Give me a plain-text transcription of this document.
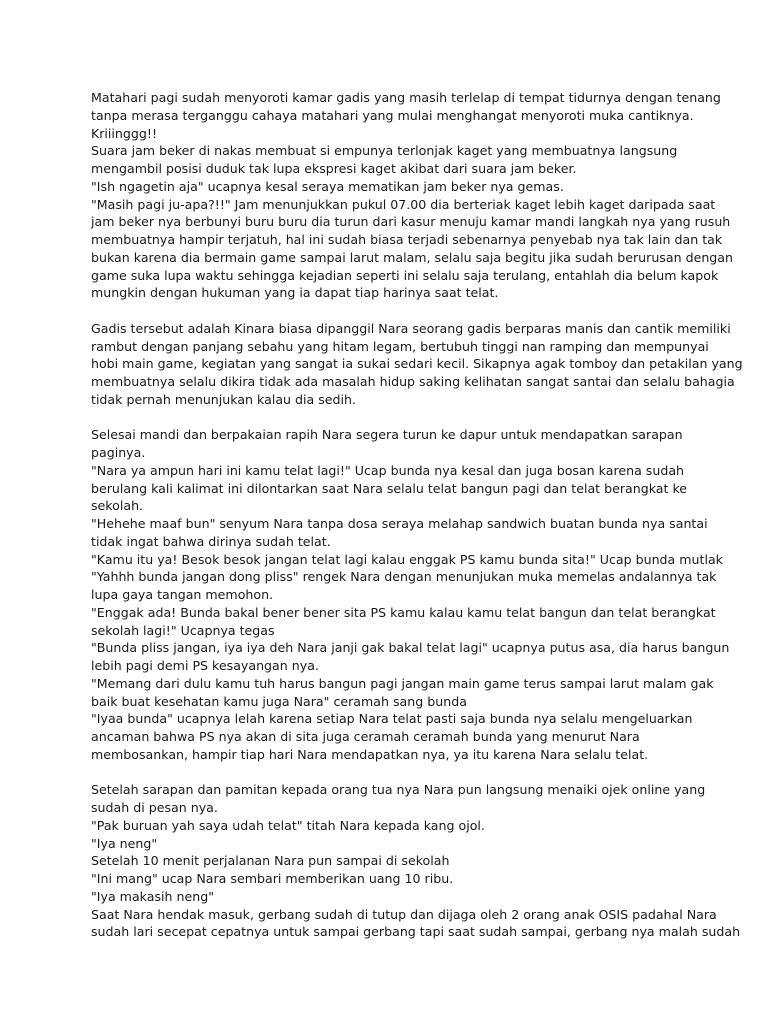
Matahari pagi sudah menyoroti kamar gadis yang masih terlelap di tempat tidurnya dengan tenang
tanpa merasa terganggu cahaya matahari yang mulai menghangat menyoroti muka cantiknya.
Kriiinggg!!
Suara jam beker di nakas membuat si empunya terlonjak kaget yang membuatnya langsung
mengambil posisi duduk tak lupa ekspresi kaget akibat dari suara jam beker.
"Ish ngagetin aja" ucapnya kesal seraya mematikan jam beker nya gemas.
"Masih pagi ju-apa?!!" Jam menunjukkan pukul 07.00 dia berteriak kaget lebih kaget daripada saat
jam beker nya berbunyi buru buru dia turun dari kasur menuju kamar mandi langkah nya yang rusuh
membuatnya hampir terjatuh, hal ini sudah biasa terjadi sebenarnya penyebab nya tak lain dan tak
bukan karena dia bermain game sampai larut malam, selalu saja begitu jika sudah berurusan dengan
game suka lupa waktu sehingga kejadian seperti ini selalu saja terulang, entahlah dia belum kapok
mungkin dengan hukuman yang ia dapat tiap harinya saat telat.
Gadis tersebut adalah Kinara biasa dipanggil Nara seorang gadis berparas manis dan cantik memiliki
rambut dengan panjang sebahu yang hitam legam, bertubuh tinggi nan ramping dan mempunyai
hobi main game, kegiatan yang sangat ia sukai sedari kecil. Sikapnya agak tomboy dan petakilan yang
membuatnya selalu dikira tidak ada masalah hidup saking kelihatan sangat santai dan selalu bahagia
tidak pernah menunjukan kalau dia sedih.
Selesai mandi dan berpakaian rapih Nara segera turun ke dapur untuk mendapatkan sarapan
paginya.
"Nara ya ampun hari ini kamu telat lagi!" Ucap bunda nya kesal dan juga bosan karena sudah
berulang kali kalimat ini dilontarkan saat Nara selalu telat bangun pagi dan telat berangkat ke
sekolah.
"Hehehe maaf bun" senyum Nara tanpa dosa seraya melahap sandwich buatan bunda nya santai
tidak ingat bahwa dirinya sudah telat.
"Kamu itu ya! Besok besok jangan telat lagi kalau enggak PS kamu bunda sita!" Ucap bunda mutlak
"Yahhh bunda jangan dong pliss" rengek Nara dengan menunjukan muka memelas andalannya tak
lupa gaya tangan memohon.
"Enggak ada! Bunda bakal bener bener sita PS kamu kalau kamu telat bangun dan telat berangkat
sekolah lagi!" Ucapnya tegas
"Bunda pliss jangan, iya iya deh Nara janji gak bakal telat lagi" ucapnya putus asa, dia harus bangun
lebih pagi demi PS kesayangan nya.
"Memang dari dulu kamu tuh harus bangun pagi jangan main game terus sampai larut malam gak
baik buat kesehatan kamu juga Nara" ceramah sang bunda
"Iyaa bunda" ucapnya lelah karena setiap Nara telat pasti saja bunda nya selalu mengeluarkan
ancaman bahwa PS nya akan di sita juga ceramah ceramah bunda yang menurut Nara
membosankan, hampir tiap hari Nara mendapatkan nya, ya itu karena Nara selalu telat.
Setelah sarapan dan pamitan kepada orang tua nya Nara pun langsung menaiki ojek online yang
sudah di pesan nya.
"Pak buruan yah saya udah telat" titah Nara kepada kang ojol.
"Iya neng"
Setelah 10 menit perjalanan Nara pun sampai di sekolah
"Ini mang" ucap Nara sembari memberikan uang 10 ribu.
"Iya makasih neng"
Saat Nara hendak masuk, gerbang sudah di tutup dan dijaga oleh 2 orang anak OSIS padahal Nara
sudah lari secepat cepatnya untuk sampai gerbang tapi saat sudah sampai, gerbang nya malah sudah
